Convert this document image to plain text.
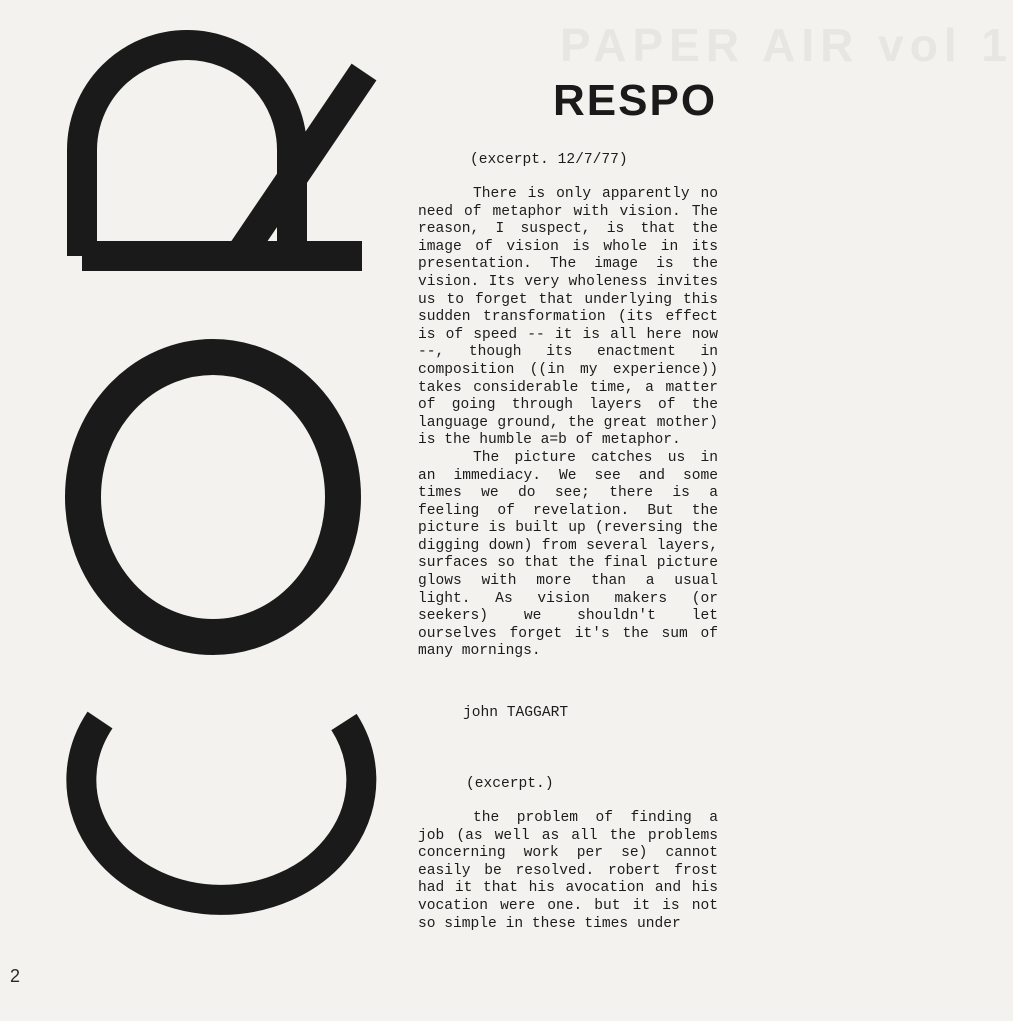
PAPER AIR vol 1
RESPO
(excerpt. 12/7/77)

There is only apparently no need of metaphor with vision. The reason, I suspect, is that the image of vision is whole in its presentation. The image is the vision. Its very wholeness invites us to forget that underlying this sudden transformation (its effect is of speed -- it is all here now --, though its enactment in composition ((in my experience)) takes considerable time, a matter of going through layers of the language ground, the great mother) is the humble a=b of metaphor.

The picture catches us in an immediacy. We see and some times we do see; there is a feeling of revelation. But the picture is built up (reversing the digging down) from several layers, surfaces so that the final picture glows with more than a usual light. As vision makers (or seekers) we shouldn't let ourselves forget it's the sum of many mornings.

john TAGGART
(excerpt.)

the problem of finding a job (as well as all the problems concerning work per se) cannot easily be resolved. robert frost had it that his avocation and his vocation were one. but it is not so simple in these times under

2
